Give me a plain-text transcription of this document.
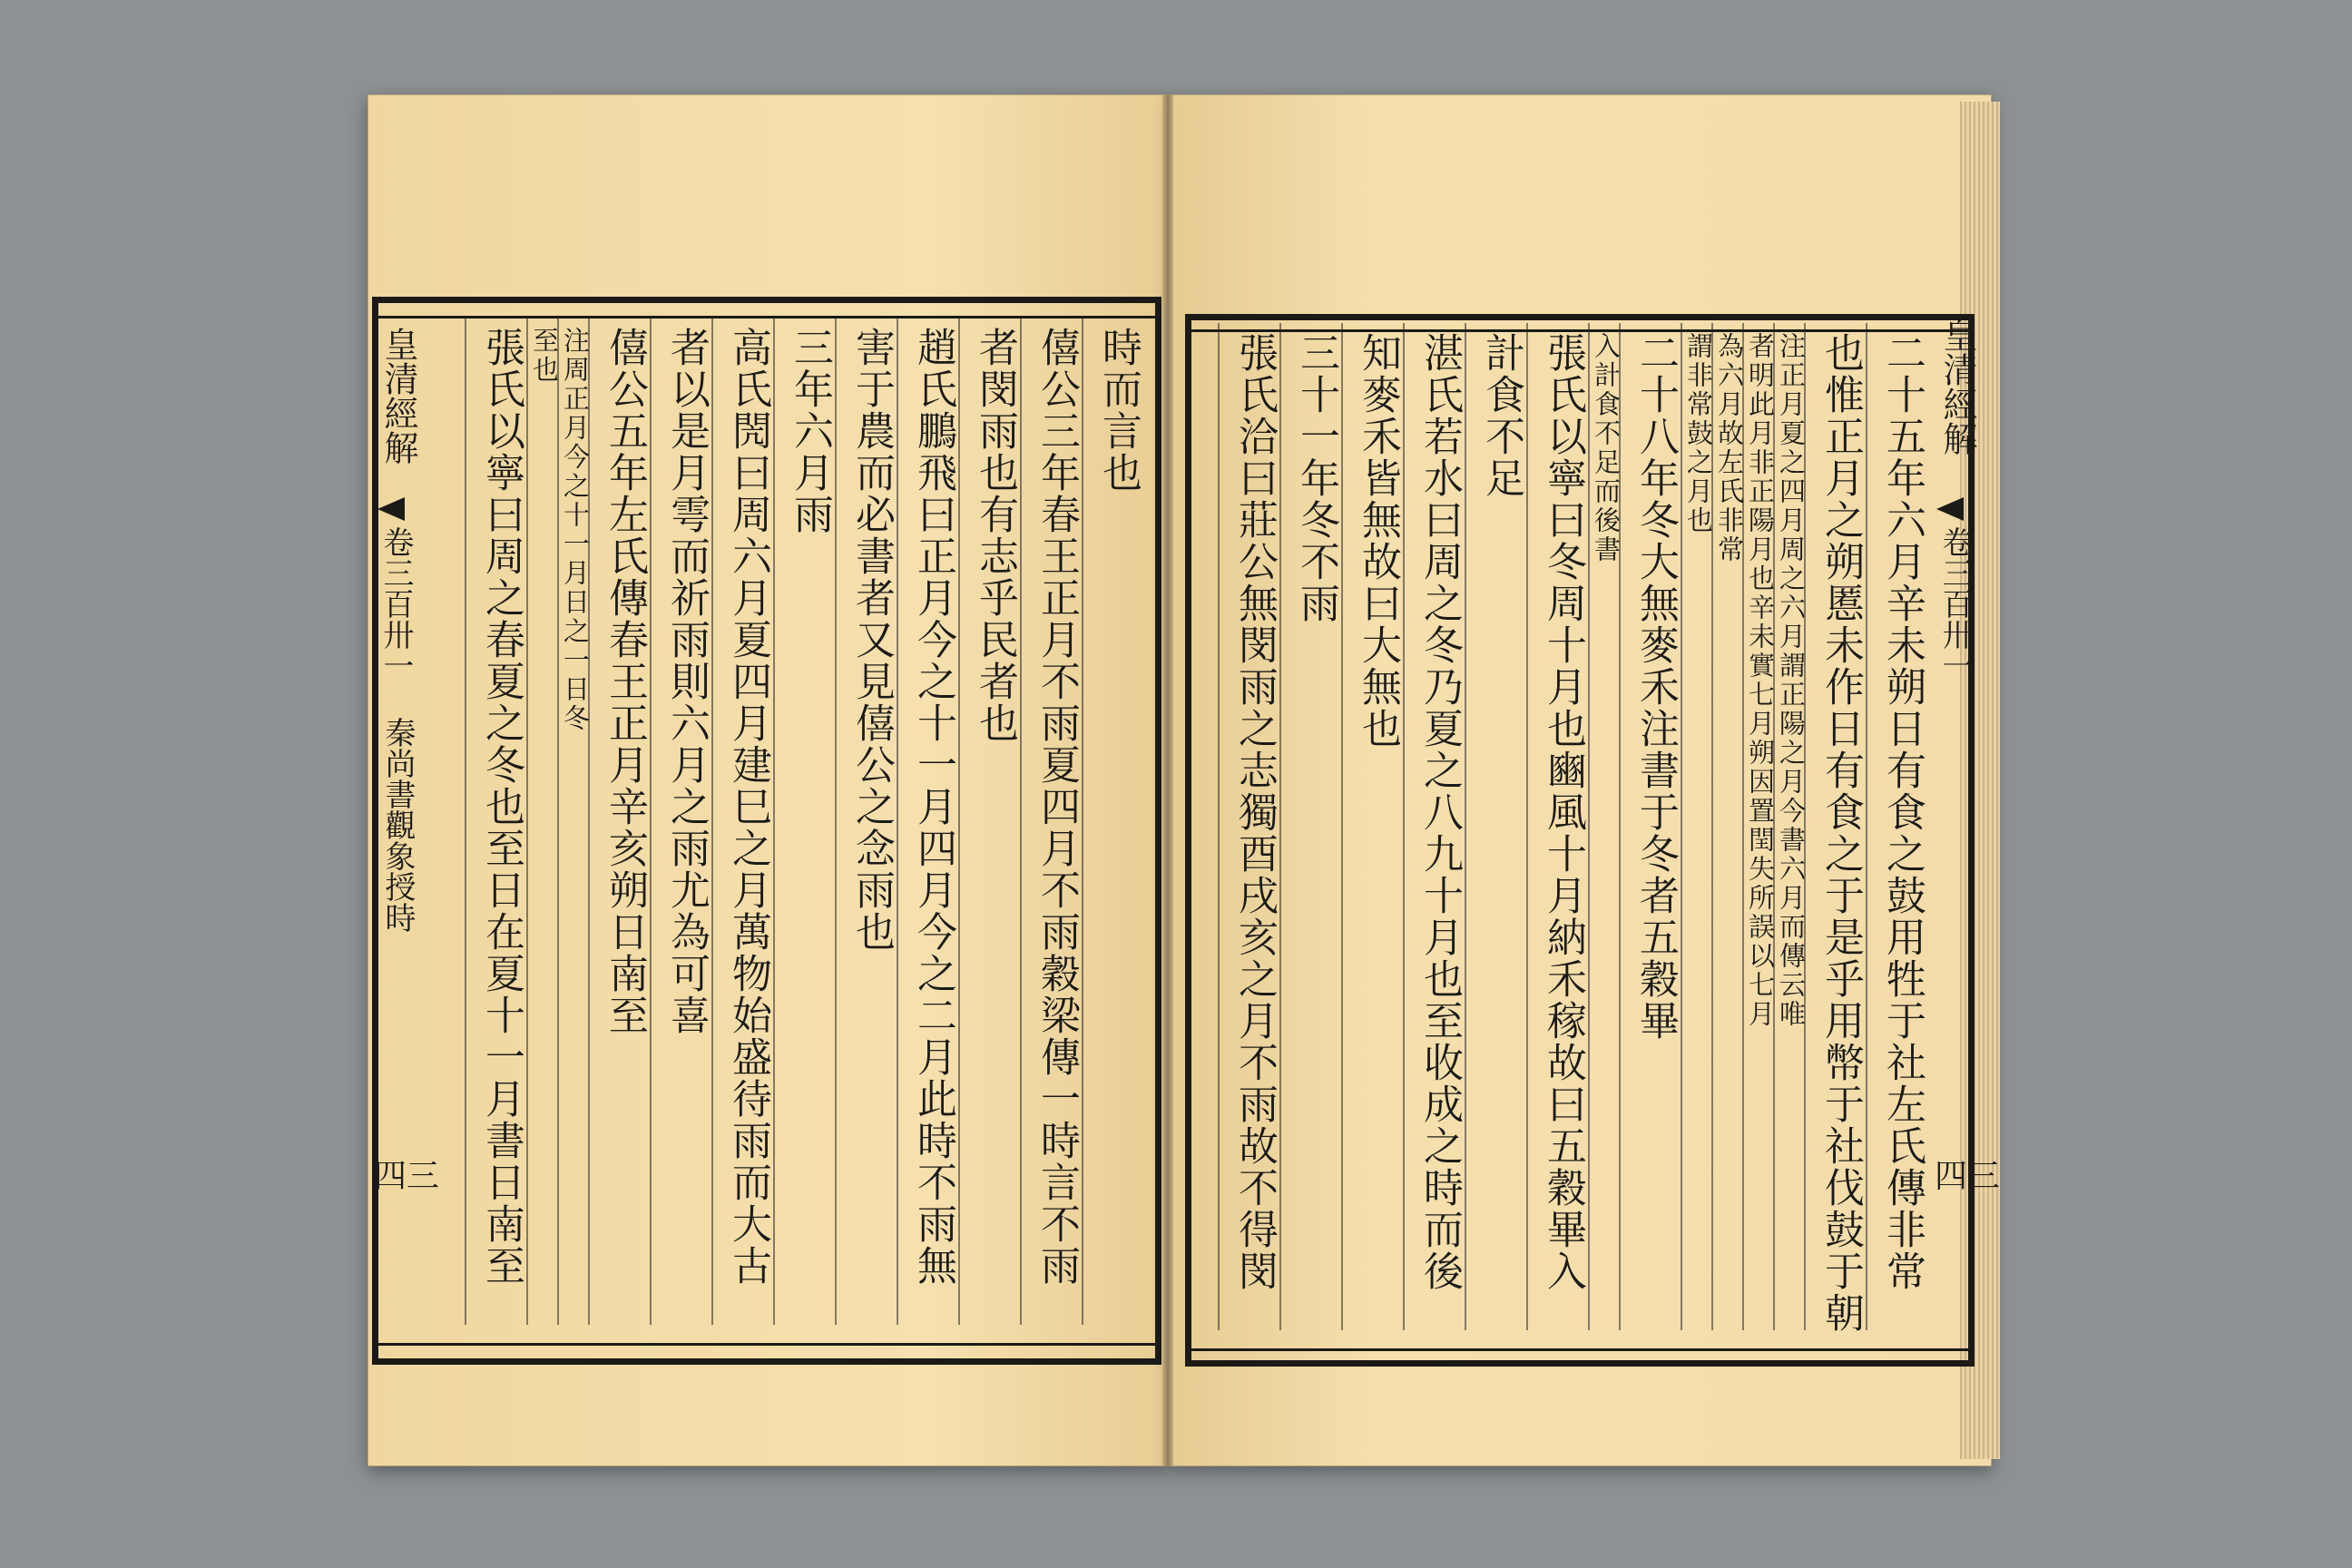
皇清經解
卷三百卅一
秦尚書觀象授時
四三
時而言也
僖公三年春王正月不雨夏四月不雨穀梁傳一時言不雨
者閔雨也有志乎民者也
趙氏鵬飛曰正月今之十一月四月今之二月此時不雨無
害于農而必書者又見僖公之念雨也
三年六月雨
高氏閌曰周六月夏四月建巳之月萬物始盛待雨而大古
者以是月雩而祈雨則六月之雨尤為可喜
僖公五年左氏傳春王正月辛亥朔日南至
注周正月今之十一月日之一日冬
至也
張氏以寧曰周之春夏之冬也至日在夏十一月書日南至	皇清經解
卷三百卅一
四三
二十五年六月辛未朔日有食之鼓用牲于社左氏傳非常
也惟正月之朔慝未作日有食之于是乎用幣于社伐鼓于朝
注正月夏之四月周之六月謂正陽之月今書六月而傳云唯
者明此月非正陽月也辛未實七月朔因置閏失所誤以七月
為六月故左氏非常
謂非常鼓之月也
二十八年冬大無麥禾注書于冬者五穀畢
入計食不足而後書
張氏以寧曰冬周十月也豳風十月納禾稼故曰五穀畢入
計食不足
湛氏若水曰周之冬乃夏之八九十月也至收成之時而後
知麥禾皆無故曰大無也
三十一年冬不雨
張氏洽曰莊公無閔雨之志獨酉戌亥之月不雨故不得閔
